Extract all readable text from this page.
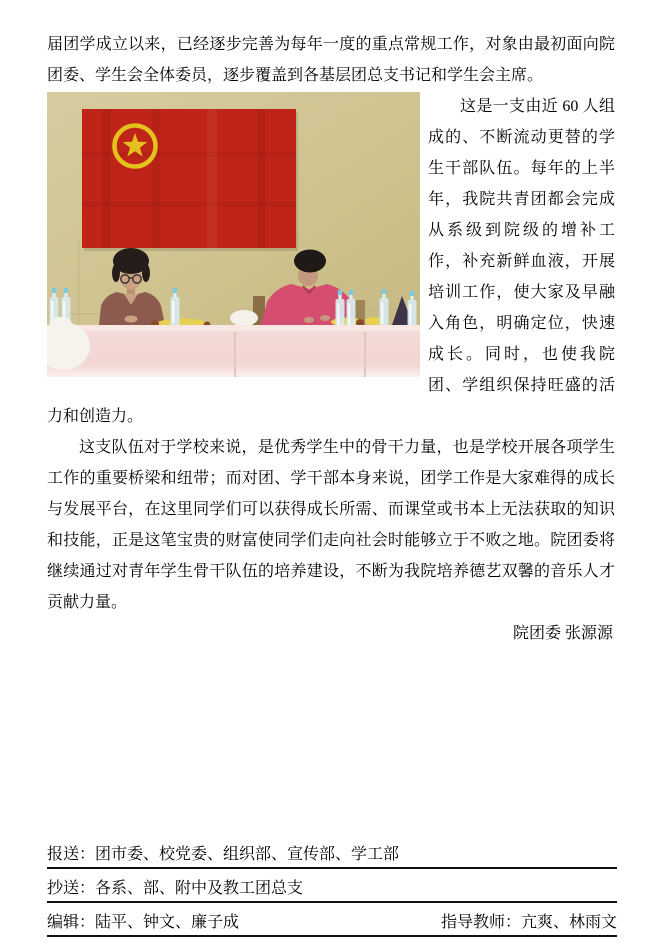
届团学成立以来，已经逐步完善为每年一度的重点常规工作，对象由最初面向院团委、学生会全体委员，逐步覆盖到各基层团总支书记和学生会主席。

这是一支由近 60 人组成的、不断流动更替的学生干部队伍。每年的上半年，我院共青团都会完成从系级到院级的增补工作，补充新鲜血液，开展培训工作，使大家及早融入角色，明确定位，快速成长。同时，也使我院团、学组织保持旺盛的活力和创造力。

这支队伍对于学校来说，是优秀学生中的骨干力量，也是学校开展各项学生工作的重要桥梁和纽带；而对团、学干部本身来说，团学工作是大家难得的成长与发展平台，在这里同学们可以获得成长所需、而课堂或书本上无法获取的知识和技能，正是这笔宝贵的财富使同学们走向社会时能够立于不败之地。院团委将继续通过对青年学生骨干队伍的培养建设，不断为我院培养德艺双馨的音乐人才贡献力量。

院团委 张源源

报送：团市委、校党委、组织部、宣传部、学工部
抄送：各系、部、附中及教工团总支
编辑：陆平、钟文、廉子成	指导教师：亢爽、林雨文
